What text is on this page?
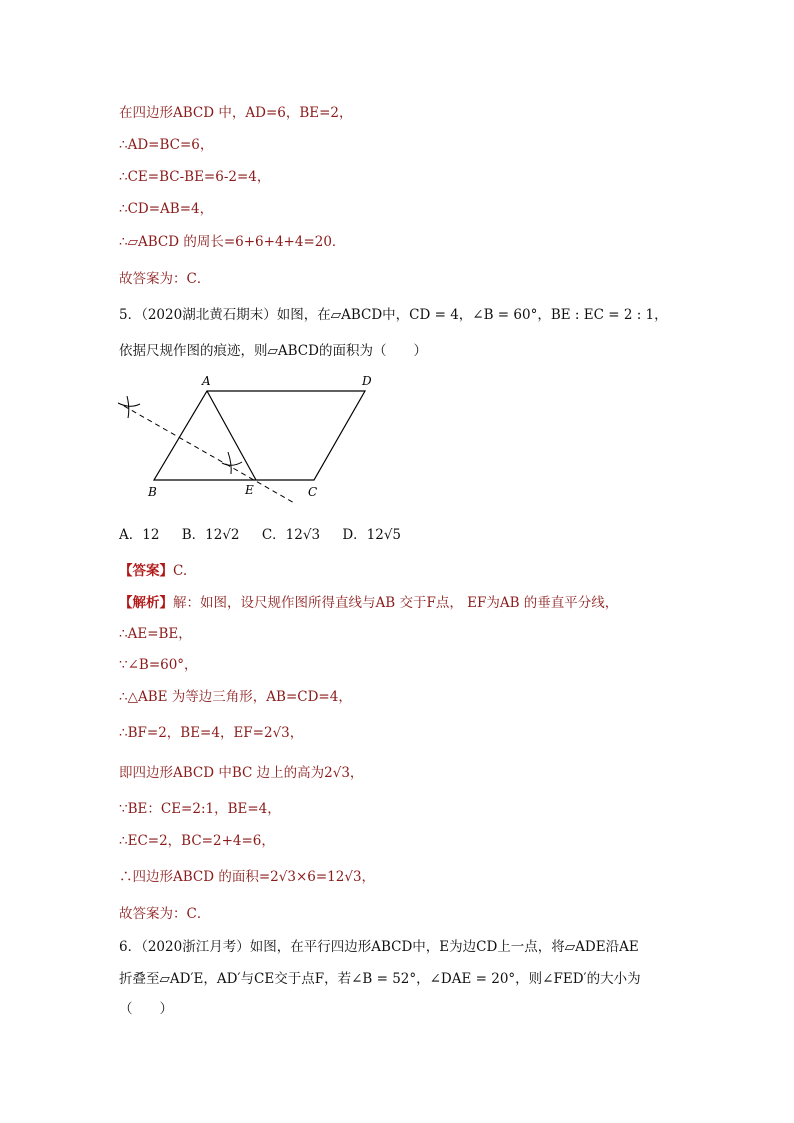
在四边形ABCD 中，AD=6，BE=2，
∴AD=BC=6，
∴CE=BC-BE=6-2=4，
∴CD=AB=4，
∴▱ABCD 的周长=6+6+4+4=20．
故答案为：C．
5．（2020湖北黄石期末）如图，在▱ABCD中，CD = 4，∠B = 60°，BE : EC = 2 : 1，
依据尺规作图的痕迹，则▱ABCD的面积为（　　）
A	D
B	E	C
A．12 B．12√2 C．12√3 D．12√5
【答案】C.
【解析】解：如图，设尺规作图所得直线与AB 交于F点， EF为AB 的垂直平分线，
∴AE=BE，
∵∠B=60°，
∴△ABE 为等边三角形，AB=CD=4，
∴BF=2，BE=4，EF=2√3，
即四边形ABCD 中BC 边上的高为2√3，
∵BE：CE=2:1，BE=4，
∴EC=2，BC=2+4=6，
∴四边形ABCD 的面积=2√3×6=12√3，
故答案为：C．
6．（2020浙江月考）如图，在平行四边形ABCD中，E为边CD上一点，将▱ADE沿AE
折叠至▱AD′E，AD′与CE交于点F，若∠B = 52°，∠DAE = 20°，则∠FED′的大小为
（　　）
